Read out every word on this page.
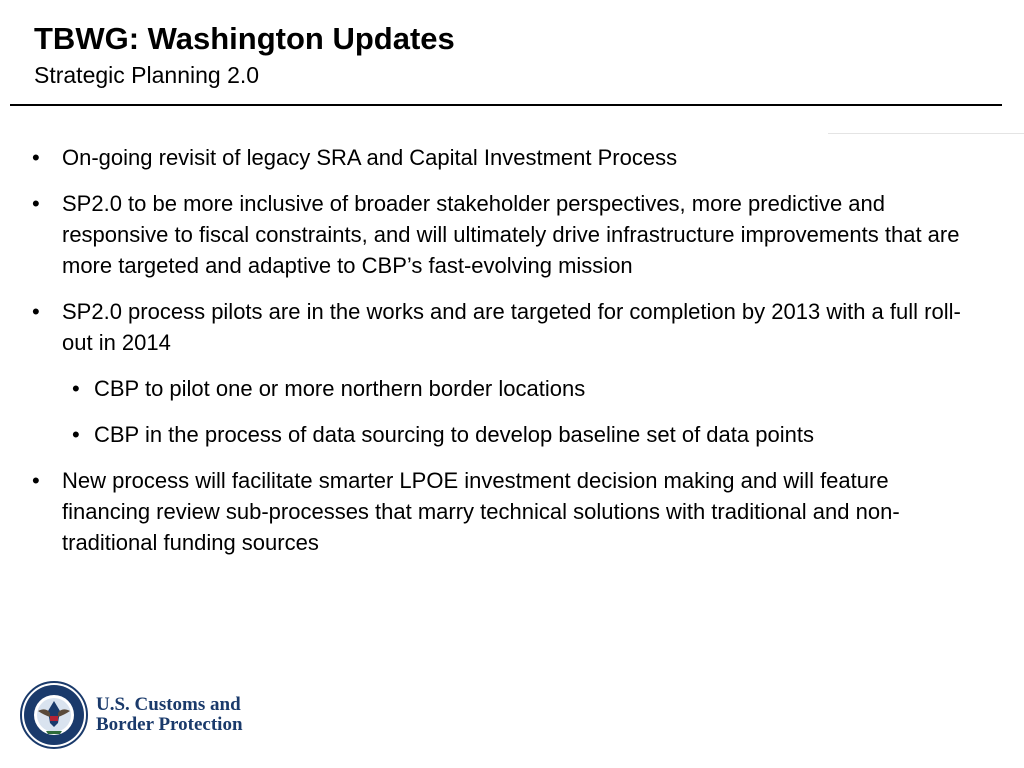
TBWG: Washington Updates
Strategic Planning 2.0
• On-going revisit of legacy SRA and Capital Investment Process
• SP2.0 to be more inclusive of broader stakeholder perspectives, more predictive and responsive to fiscal constraints, and will ultimately drive infrastructure improvements that are more targeted and adaptive to CBP’s fast-evolving mission
• SP2.0 process pilots are in the works and are targeted for completion by 2013 with a full roll-out in 2014
• CBP to pilot one or more northern border locations
• CBP in the process of data sourcing to develop baseline set of data points
• New process will facilitate smarter LPOE investment decision making and will feature financing review sub-processes that marry technical solutions with traditional and non-traditional funding sources
U.S. Customs and
Border Protection
